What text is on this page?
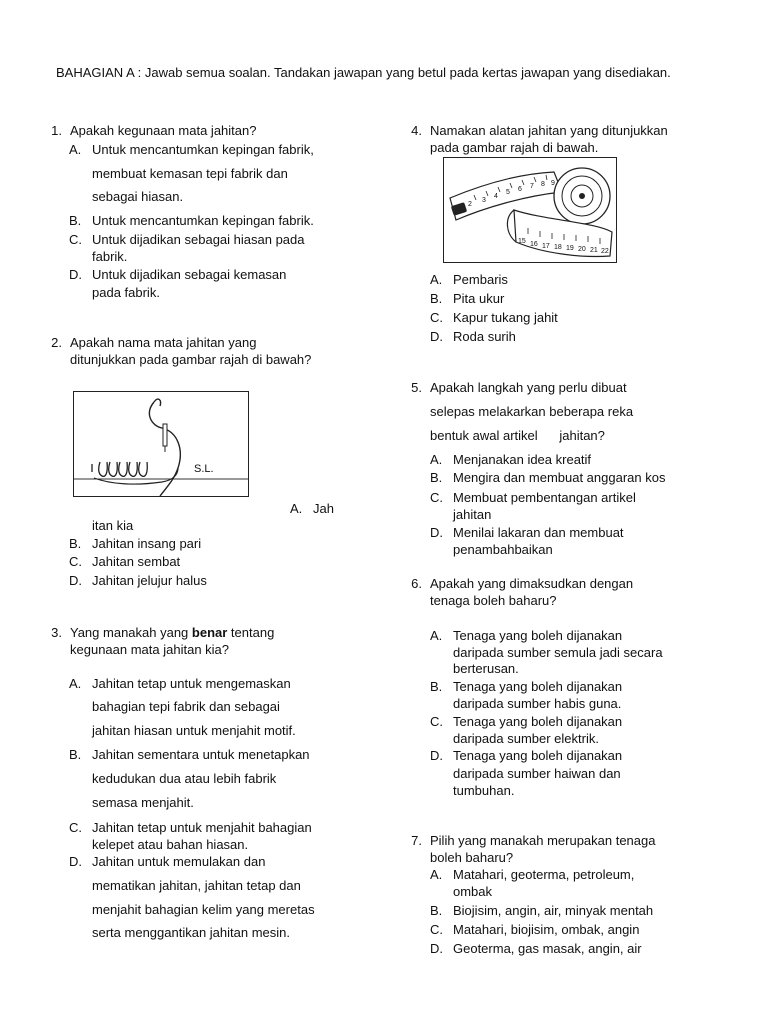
BAHAGIAN A : Jawab semua soalan. Tandakan jawapan yang betul pada kertas jawapan yang disediakan.
1. Apakah kegunaan mata jahitan?
A. Untuk mencantumkan kepingan fabrik,
membuat kemasan tepi fabrik dan
sebagai hiasan.
B. Untuk mencantumkan kepingan fabrik.
C. Untuk dijadikan sebagai hiasan pada
fabrik.
D. Untuk dijadikan sebagai kemasan
pada fabrik.
2. Apakah nama mata jahitan yang
ditunjukkan pada gambar rajah di bawah?
S.L.
A. Jah
itan kia
B. Jahitan insang pari
C. Jahitan sembat
D. Jahitan jelujur halus
3. Yang manakah yang benar tentang
kegunaan mata jahitan kia?
A. Jahitan tetap untuk mengemaskan
bahagian tepi fabrik dan sebagai
jahitan hiasan untuk menjahit motif.
B. Jahitan sementara untuk menetapkan
kedudukan dua atau lebih fabrik
semasa menjahit.
C. Jahitan tetap untuk menjahit bahagian
kelepet atau bahan hiasan.
D. Jahitan untuk memulakan dan
mematikan jahitan, jahitan tetap dan
menjahit bahagian kelim yang meretas
serta menggantikan jahitan mesin.
4. Namakan alatan jahitan yang ditunjukkan
pada gambar rajah di bawah.
2
3
4
5 6 7 8 9
15 16 17 18 19 20 21 22
A. Pembaris
B. Pita ukur
C. Kapur tukang jahit
D. Roda surih
5. Apakah langkah yang perlu dibuat
selepas melakarkan beberapa reka
bentuk awal artikel      jahitan?
A. Menjanakan idea kreatif
B. Mengira dan membuat anggaran kos
C. Membuat pembentangan artikel
jahitan
D. Menilai lakaran dan membuat
penambahbaikan
6. Apakah yang dimaksudkan dengan
tenaga boleh baharu?
A. Tenaga yang boleh dijanakan
daripada sumber semula jadi secara
berterusan.
B. Tenaga yang boleh dijanakan
daripada sumber habis guna.
C. Tenaga yang boleh dijanakan
daripada sumber elektrik.
D. Tenaga yang boleh dijanakan
daripada sumber haiwan dan
tumbuhan.
7. Pilih yang manakah merupakan tenaga
boleh baharu?
A. Matahari, geoterma, petroleum,
ombak
B. Biojisim, angin, air, minyak mentah
C. Matahari, biojisim, ombak, angin
D. Geoterma, gas masak, angin, air
